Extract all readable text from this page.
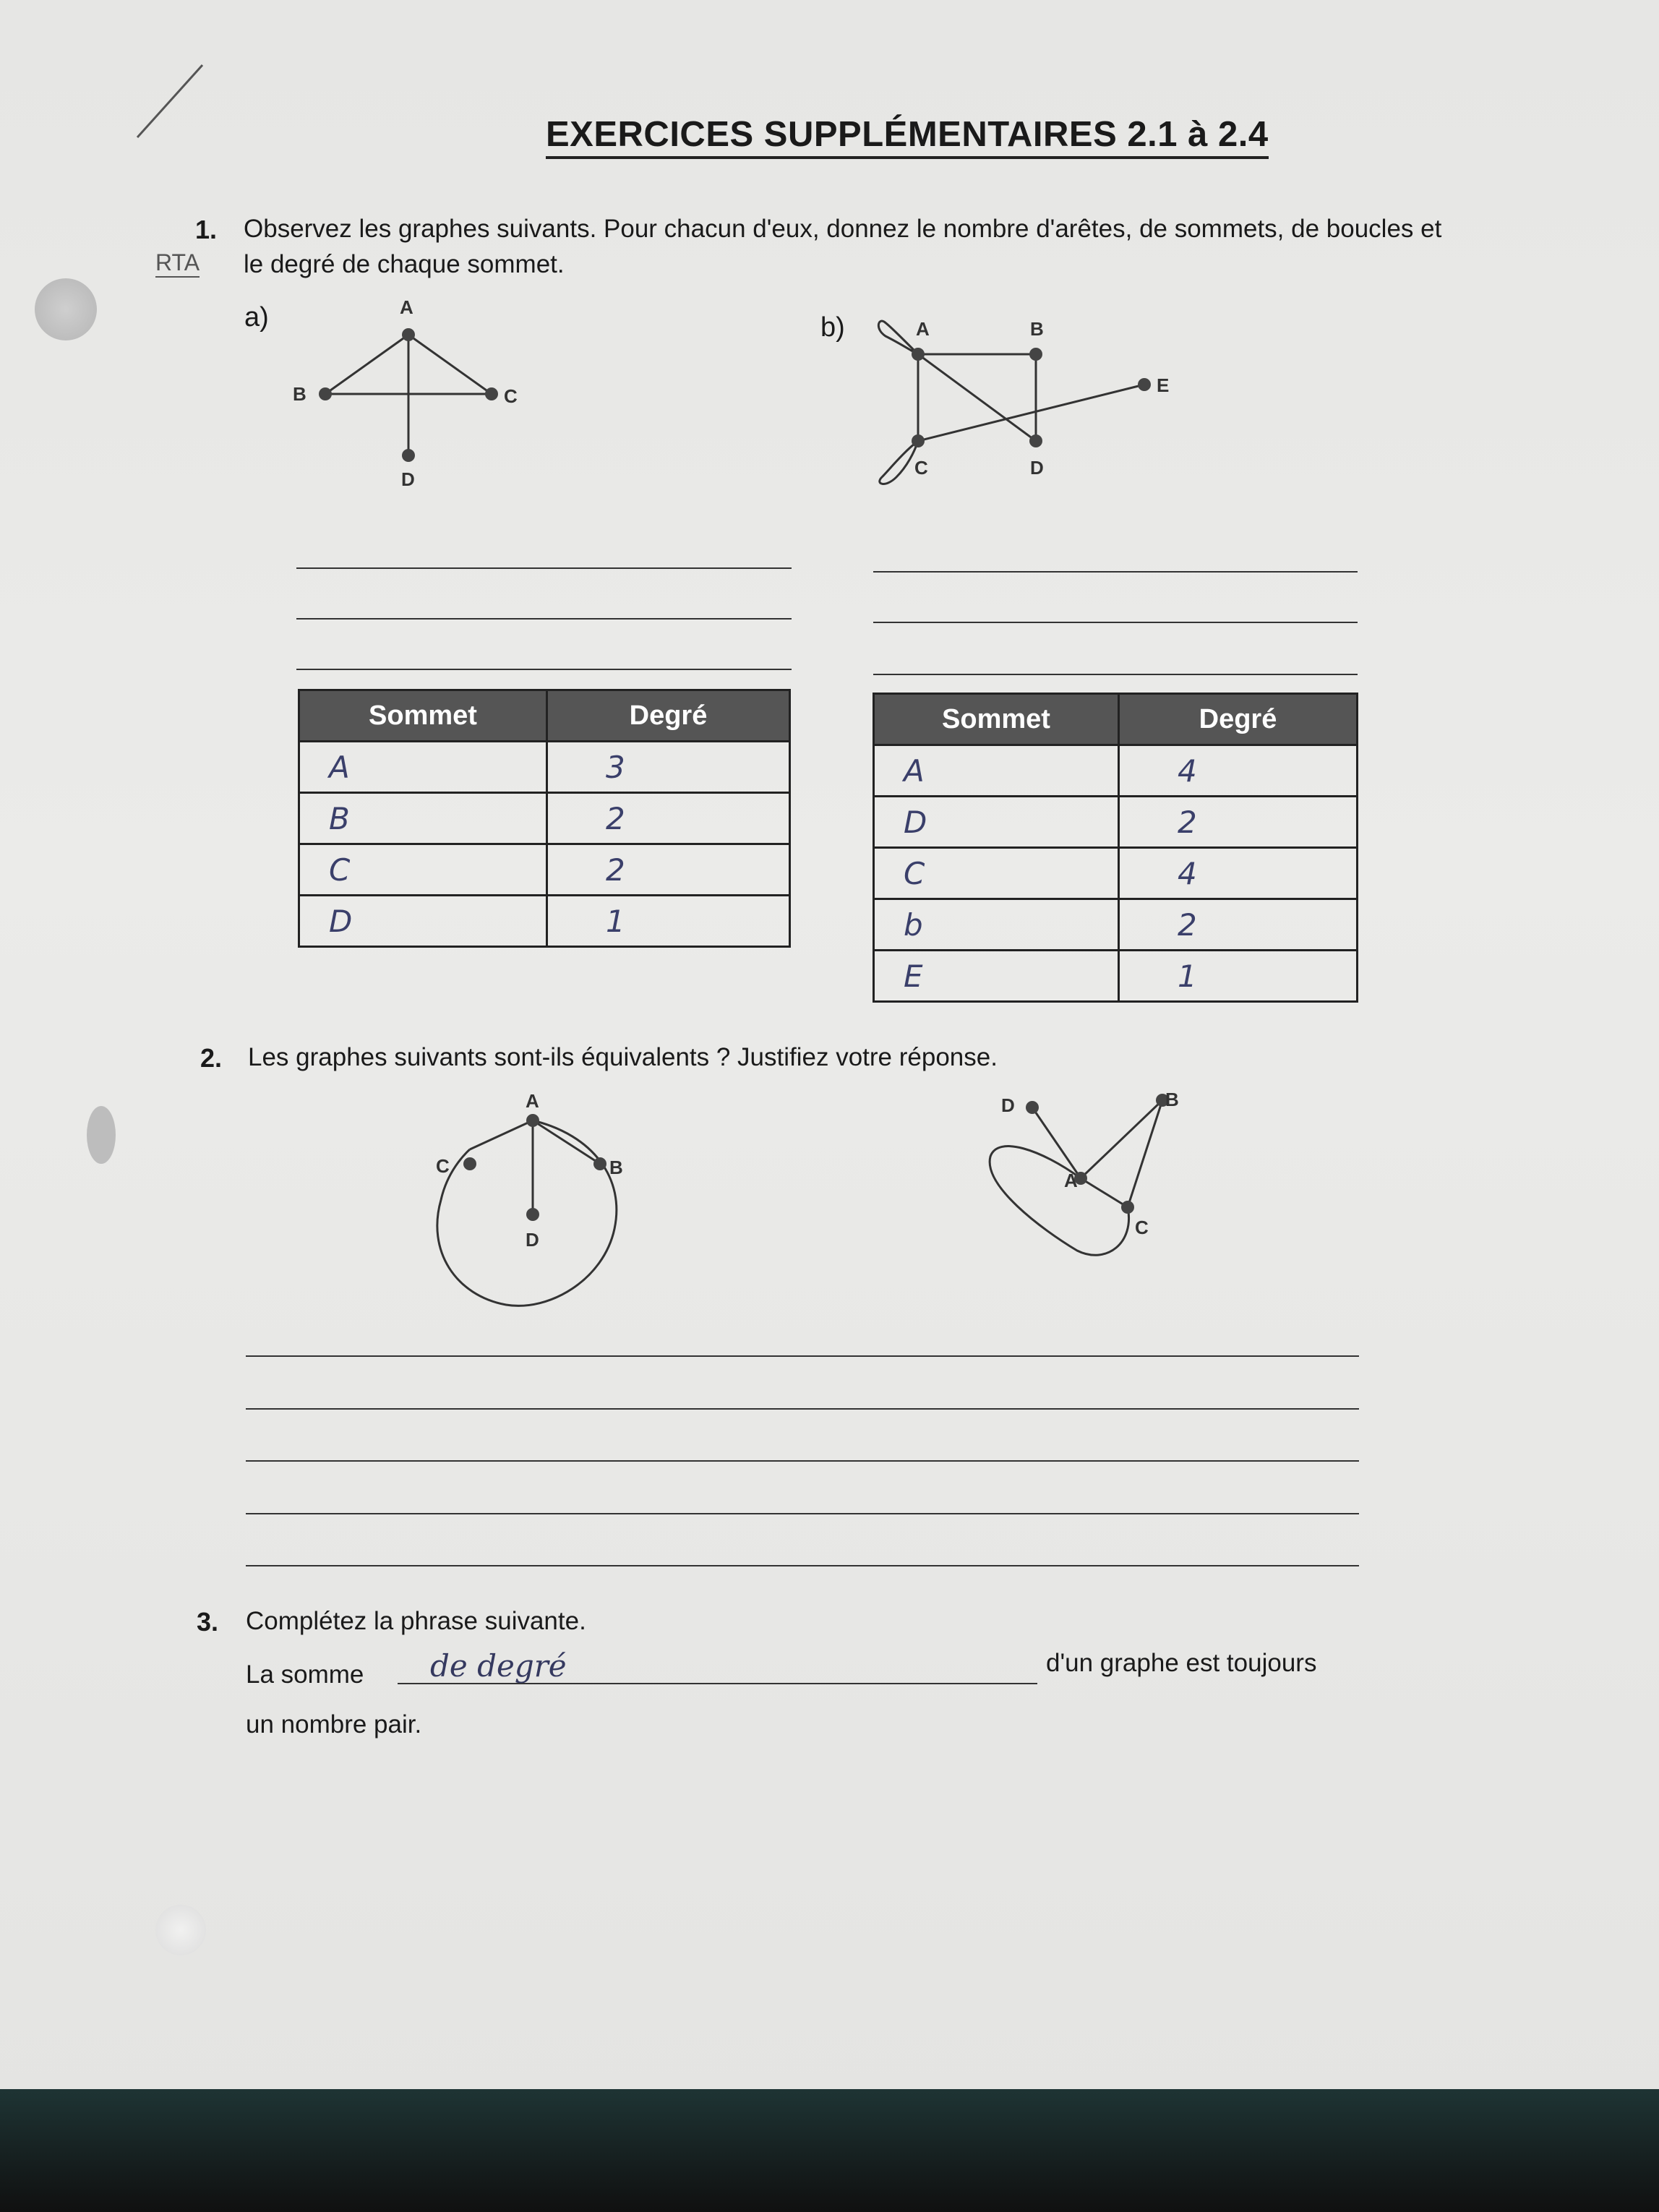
EXERCICES SUPPLÉMENTAIRES 2.1 à 2.4
RTA
1. Observez les graphes suivants. Pour chacun d'eux, donnez le nombre d'arêtes, de sommets, de boucles et
le degré de chaque sommet.
a)	b)
A
B	C
D
A	B
E
C	D
Sommet	Degré
A	3
B	2
C	2
D	1
Sommet	Degré
A	4
D	2
C	4
b	2
E	1
2. Les graphes suivants sont-ils équivalents ? Justifiez votre réponse.
A
C	B
D
D	B
A
C
3. Complétez la phrase suivante.
La somme de degré	d'un graphe est toujours
un nombre pair.
